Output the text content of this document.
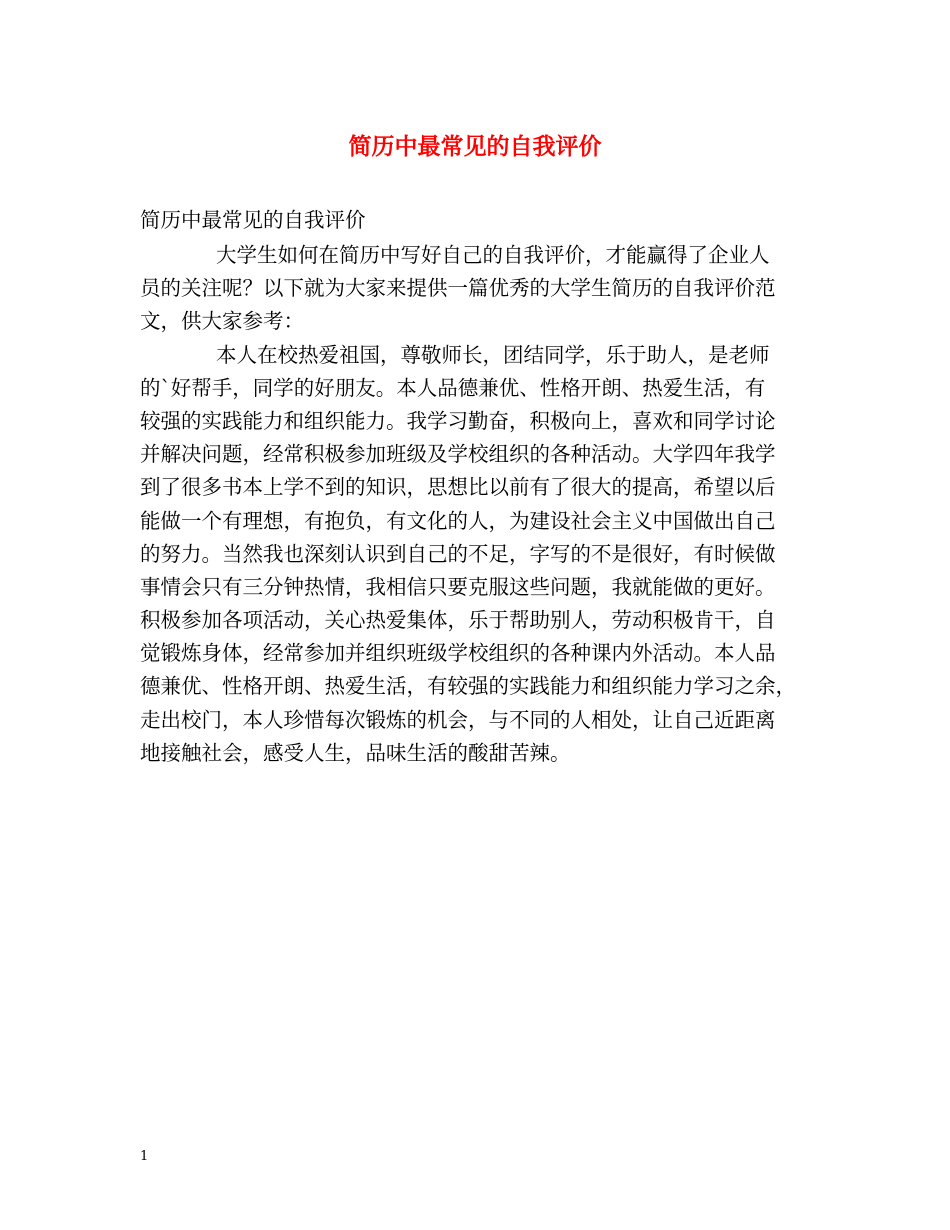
简历中最常见的自我评价

简历中最常见的自我评价

大学生如何在简历中写好自己的自我评价，才能赢得了企业人
员的关注呢？以下就为大家来提供一篇优秀的大学生简历的自我评价范
文，供大家参考：
本人在校热爱祖国，尊敬师长，团结同学，乐于助人，是老师
的`好帮手，同学的好朋友。本人品德兼优、性格开朗、热爱生活，有
较强的实践能力和组织能力。我学习勤奋，积极向上，喜欢和同学讨论
并解决问题，经常积极参加班级及学校组织的各种活动。大学四年我学
到了很多书本上学不到的知识，思想比以前有了很大的提高，希望以后
能做一个有理想，有抱负，有文化的人，为建设社会主义中国做出自己
的努力。当然我也深刻认识到自己的不足，字写的不是很好，有时候做
事情会只有三分钟热情，我相信只要克服这些问题，我就能做的更好。
积极参加各项活动，关心热爱集体，乐于帮助别人，劳动积极肯干，自
觉锻炼身体，经常参加并组织班级学校组织的各种课内外活动。本人品
德兼优、性格开朗、热爱生活，有较强的实践能力和组织能力学习之余，
走出校门，本人珍惜每次锻炼的机会，与不同的人相处，让自己近距离
地接触社会，感受人生，品味生活的酸甜苦辣。

1
